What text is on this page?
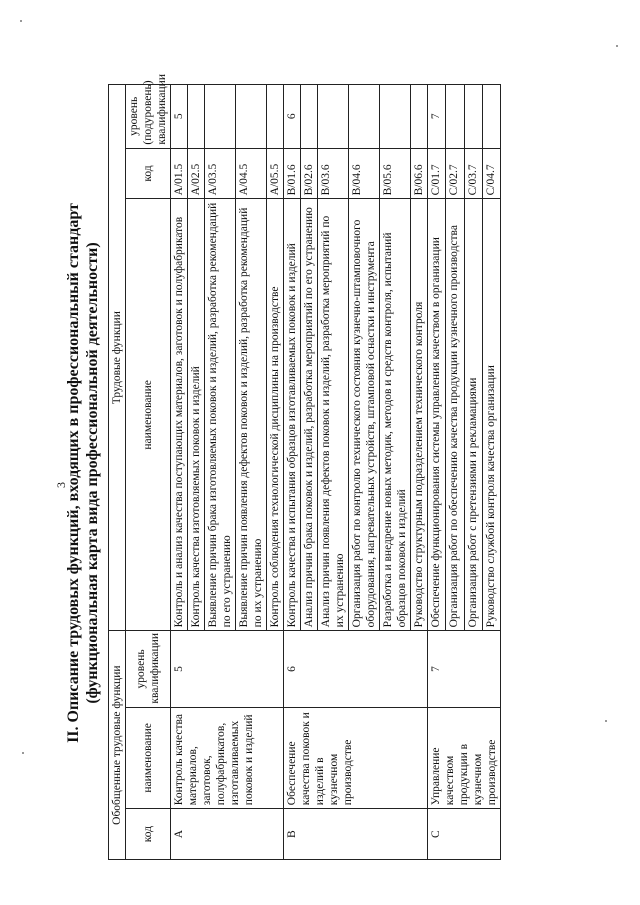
3
II. Описание трудовых функций, входящих в профессиональный стандарт (функциональная карта вида профессиональной деятельности)
Обобщенные трудовые функции			Трудовые функции		
код	наименование	уровень квалификации	наименование	код	уровень (подуровень) квалификации
A	Контроль качества материалов, заготовок, полуфабрикатов, изготавливаемых поковок и изделий	5	Контроль и анализ качества поступающих материалов, заготовок и полуфабрикатов	A/01.5	5
			Контроль качества изготовляемых поковок и изделий	A/02.5	
			Выявление причин брака изготовляемых поковок и изделий, разработка рекомендаций по его устранению	A/03.5	
			Выявление причин появления дефектов поковок и изделий, разработка рекомендаций по их устранению	A/04.5	
			Контроль соблюдения технологической дисциплины на производстве	A/05.5	
B	Обеспечение качества поковок и изделий в кузнечном производстве	6	Контроль качества и испытания образцов изготавливаемых поковок и изделий	B/01.6	6
			Анализ причин брака поковок и изделий, разработка мероприятий по его устранению	B/02.6	
			Анализ причин появления дефектов поковок и изделий, разработка мероприятий по их устранению	B/03.6	
			Организация работ по контролю технического состояния кузнечно-штамповочного оборудования, нагревательных устройств, штамповой оснастки и инструмента	B/04.6	
			Разработка и внедрение новых методик, методов и средств контроля, испытаний образцов поковок и изделий	B/05.6	
			Руководство структурным подразделением технического контроля	B/06.6	
C	Управление качеством продукции в кузнечном производстве	7	Обеспечение функционирования системы управления качеством в организации	C/01.7	7
			Организация работ по обеспечению качества продукции кузнечного производства	C/02.7	
			Организация работ с претензиями и рекламациями	C/03.7	
			Руководство службой контроля качества организации	C/04.7	
